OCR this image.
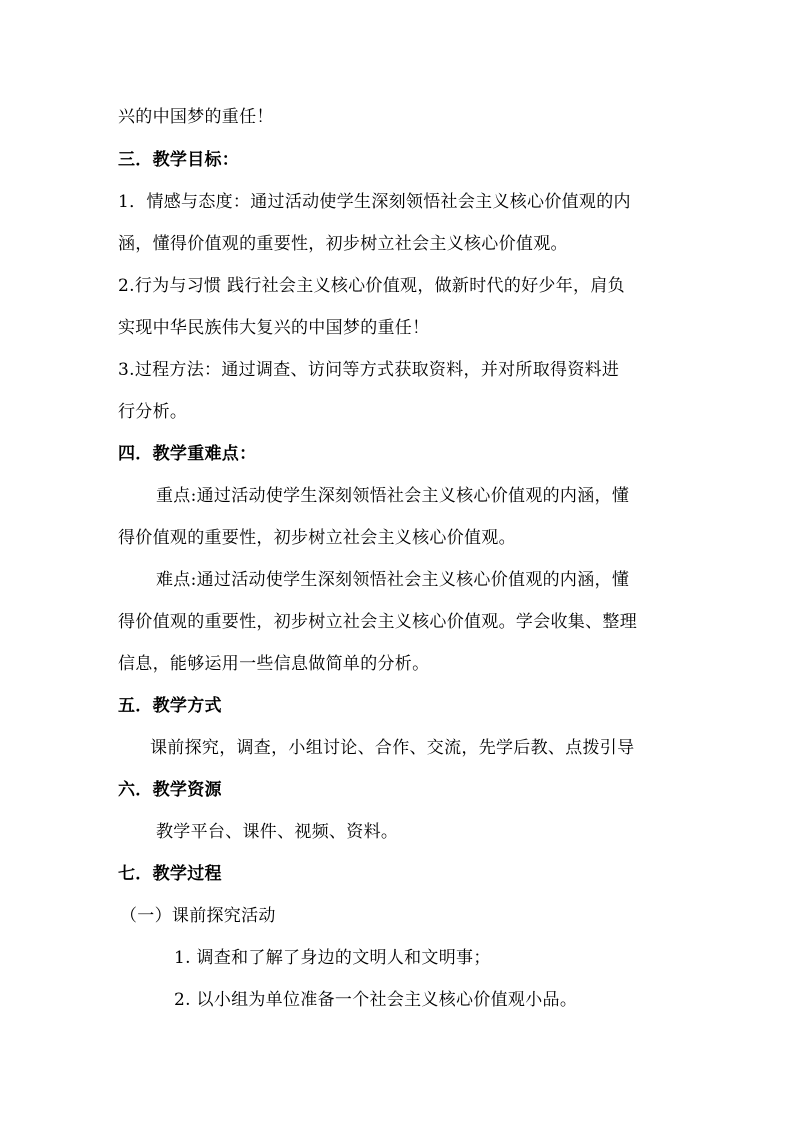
兴的中国梦的重任！
三．教学目标：
1．情感与态度：通过活动使学生深刻领悟社会主义核心价值观的内
涵，懂得价值观的重要性，初步树立社会主义核心价值观。
2.行为与习惯 践行社会主义核心价值观，做新时代的好少年，肩负
实现中华民族伟大复兴的中国梦的重任！
3.过程方法：通过调查、访问等方式获取资料，并对所取得资料进
行分析。
四．教学重难点：
重点:通过活动使学生深刻领悟社会主义核心价值观的内涵，懂
得价值观的重要性，初步树立社会主义核心价值观。
难点:通过活动使学生深刻领悟社会主义核心价值观的内涵，懂
得价值观的重要性，初步树立社会主义核心价值观。学会收集、整理
信息，能够运用一些信息做简单的分析。
五．教学方式
课前探究，调查，小组讨论、合作、交流，先学后教、点拨引导
六．教学资源
教学平台、课件、视频、资料。
七．教学过程
（一）课前探究活动
1. 调查和了解了身边的文明人和文明事；
2. 以小组为单位准备一个社会主义核心价值观小品。
